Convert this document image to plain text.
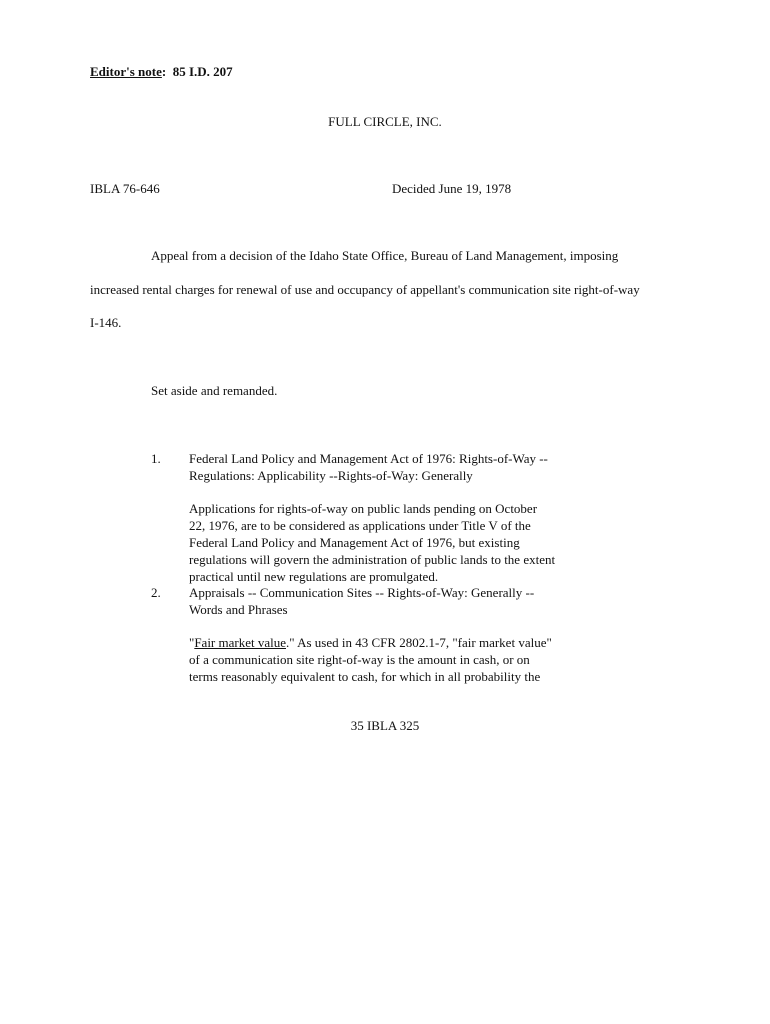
Editor's note: 85 I.D. 207
FULL CIRCLE, INC.
IBLA 76-646	Decided June 19, 1978
Appeal from a decision of the Idaho State Office, Bureau of Land Management, imposing
increased rental charges for renewal of use and occupancy of appellant's communication site right-of-way
I-146.
Set aside and remanded.
1. Federal Land Policy and Management Act of 1976: Rights-of-Way --
Regulations: Applicability --Rights-of-Way: Generally
Applications for rights-of-way on public lands pending on October
22, 1976, are to be considered as applications under Title V of the
Federal Land Policy and Management Act of 1976, but existing
regulations will govern the administration of public lands to the extent
practical until new regulations are promulgated.
2. Appraisals -- Communication Sites -- Rights-of-Way: Generally --
Words and Phrases
"Fair market value." As used in 43 CFR 2802.1-7, "fair market value"
of a communication site right-of-way is the amount in cash, or on
terms reasonably equivalent to cash, for which in all probability the
35 IBLA 325
